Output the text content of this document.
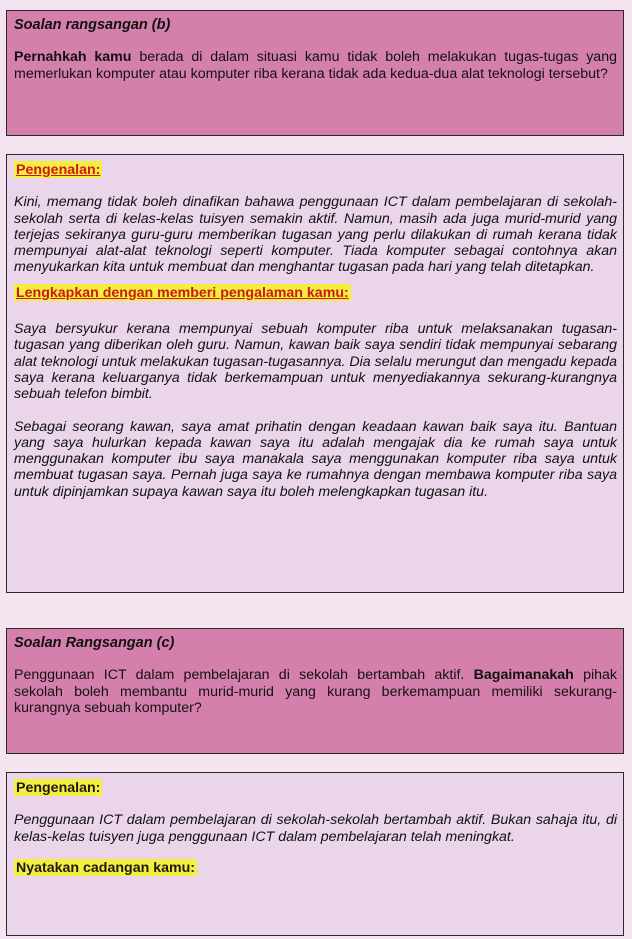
Soalan rangsangan (b)

Pernahkah kamu berada di dalam situasi kamu tidak boleh melakukan tugas-tugas yang memerlukan komputer atau komputer riba kerana tidak ada kedua-dua alat teknologi tersebut?

Pengenalan:

Kini, memang tidak boleh dinafikan bahawa penggunaan ICT dalam pembelajaran di sekolah-sekolah serta di kelas-kelas tuisyen semakin aktif. Namun, masih ada juga murid-murid yang terjejas sekiranya guru-guru memberikan tugasan yang perlu dilakukan di rumah kerana tidak mempunyai alat-alat teknologi seperti komputer. Tiada komputer sebagai contohnya akan menyukarkan kita untuk membuat dan menghantar tugasan pada hari yang telah ditetapkan.

Lengkapkan dengan memberi pengalaman kamu:

Saya bersyukur kerana mempunyai sebuah komputer riba untuk melaksanakan tugasan-tugasan yang diberikan oleh guru. Namun, kawan baik saya sendiri tidak mempunyai sebarang alat teknologi untuk melakukan tugasan-tugasannya. Dia selalu merungut dan mengadu kepada saya kerana keluarganya tidak berkemampuan untuk menyediakannya sekurang-kurangnya sebuah telefon bimbit.

Sebagai seorang kawan, saya amat prihatin dengan keadaan kawan baik saya itu. Bantuan yang saya hulurkan kepada kawan saya itu adalah mengajak dia ke rumah saya untuk menggunakan komputer ibu saya manakala saya menggunakan komputer riba saya untuk membuat tugasan saya. Pernah juga saya ke rumahnya dengan membawa komputer riba saya untuk dipinjamkan supaya kawan saya itu boleh melengkapkan tugasan itu.

Soalan Rangsangan (c)

Penggunaan ICT dalam pembelajaran di sekolah bertambah aktif. Bagaimanakah pihak sekolah boleh membantu murid-murid yang kurang berkemampuan memiliki sekurang-kurangnya sebuah komputer?

Pengenalan:

Penggunaan ICT dalam pembelajaran di sekolah-sekolah bertambah aktif. Bukan sahaja itu, di kelas-kelas tuisyen juga penggunaan ICT dalam pembelajaran telah meningkat.

Nyatakan cadangan kamu:
